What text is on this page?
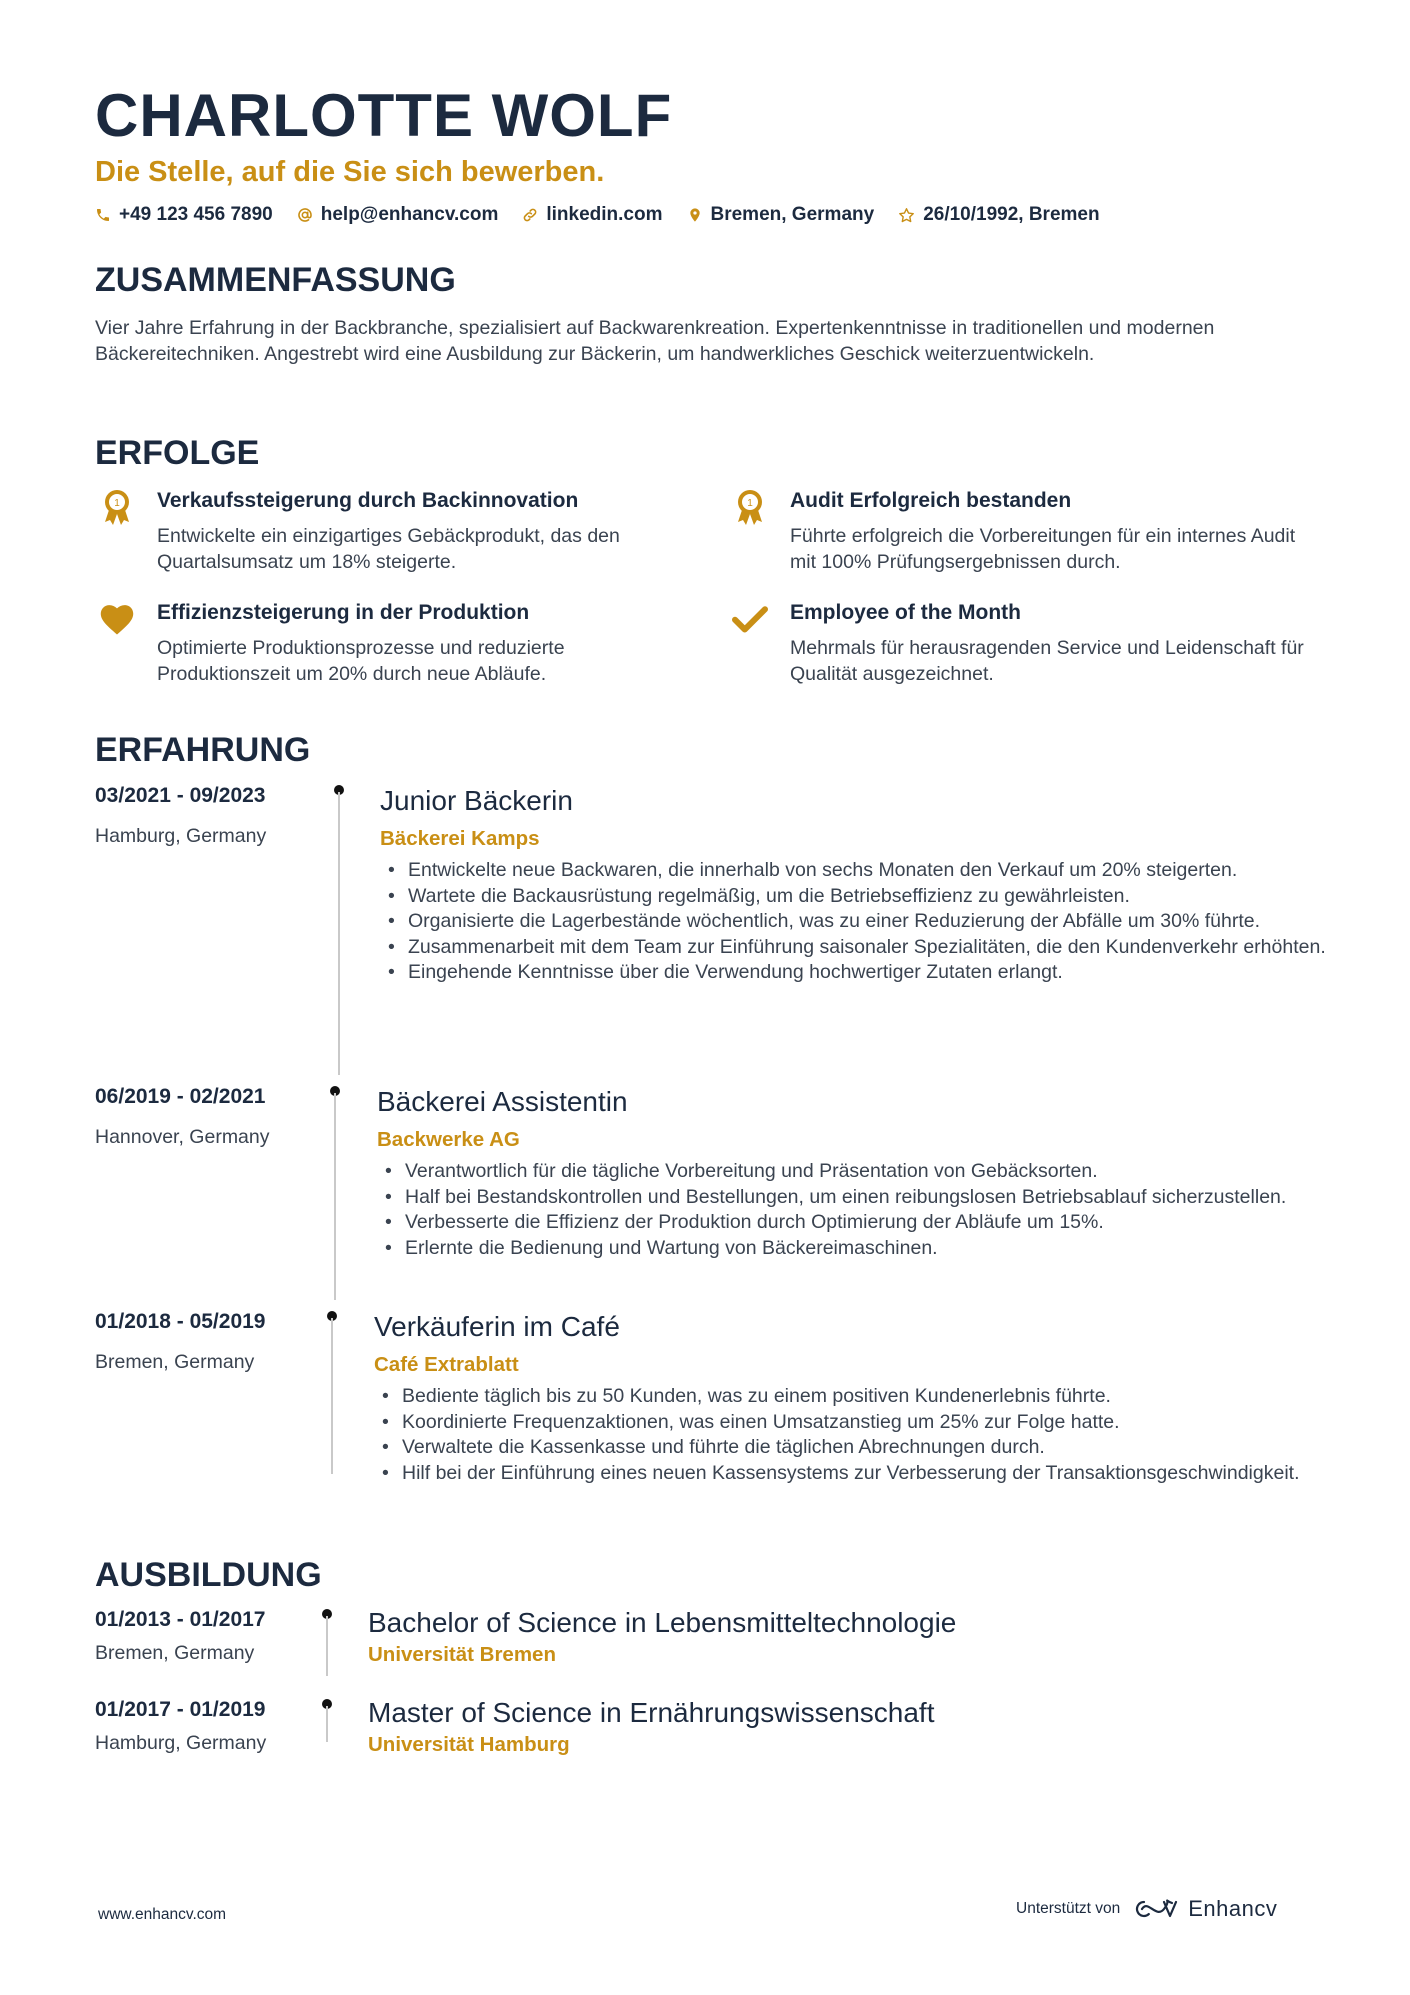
CHARLOTTE WOLF
Die Stelle, auf die Sie sich bewerben.
+49 123 456 7890	help@enhancv.com	linkedin.com	Bremen, Germany	26/10/1992, Bremen
ZUSAMMENFASSUNG
Vier Jahre Erfahrung in der Backbranche, spezialisiert auf Backwarenkreation. Expertenkenntnisse in traditionellen und modernen Bäckereitechniken. Angestrebt wird eine Ausbildung zur Bäckerin, um handwerkliches Geschick weiterzuentwickeln.
ERFOLGE
1 Verkaufssteigerung durch Backinnovation
Entwickelte ein einzigartiges Gebäckprodukt, das den Quartalsumsatz um 18% steigerte.
1 Audit Erfolgreich bestanden
Führte erfolgreich die Vorbereitungen für ein internes Audit mit 100% Prüfungsergebnissen durch.
Effizienzsteigerung in der Produktion
Optimierte Produktionsprozesse und reduzierte Produktionszeit um 20% durch neue Abläufe.
Employee of the Month
Mehrmals für herausragenden Service und Leidenschaft für Qualität ausgezeichnet.
ERFAHRUNG
03/2021 - 09/2023
Hamburg, Germany
Junior Bäckerin
Bäckerei Kamps
• Entwickelte neue Backwaren, die innerhalb von sechs Monaten den Verkauf um 20% steigerten.
• Wartete die Backausrüstung regelmäßig, um die Betriebseffizienz zu gewährleisten.
• Organisierte die Lagerbestände wöchentlich, was zu einer Reduzierung der Abfälle um 30% führte.
• Zusammenarbeit mit dem Team zur Einführung saisonaler Spezialitäten, die den Kundenverkehr erhöhten.
• Eingehende Kenntnisse über die Verwendung hochwertiger Zutaten erlangt.
06/2019 - 02/2021
Hannover, Germany
Bäckerei Assistentin
Backwerke AG
• Verantwortlich für die tägliche Vorbereitung und Präsentation von Gebäcksorten.
• Half bei Bestandskontrollen und Bestellungen, um einen reibungslosen Betriebsablauf sicherzustellen.
• Verbesserte die Effizienz der Produktion durch Optimierung der Abläufe um 15%.
• Erlernte die Bedienung und Wartung von Bäckereimaschinen.
01/2018 - 05/2019
Bremen, Germany
Verkäuferin im Café
Café Extrablatt
• Bediente täglich bis zu 50 Kunden, was zu einem positiven Kundenerlebnis führte.
• Koordinierte Frequenzaktionen, was einen Umsatzanstieg um 25% zur Folge hatte.
• Verwaltete die Kassenkasse und führte die täglichen Abrechnungen durch.
• Hilf bei der Einführung eines neuen Kassensystems zur Verbesserung der Transaktionsgeschwindigkeit.
AUSBILDUNG
01/2013 - 01/2017
Bremen, Germany
Bachelor of Science in Lebensmitteltechnologie
Universität Bremen
01/2017 - 01/2019
Hamburg, Germany
Master of Science in Ernährungswissenschaft
Universität Hamburg
www.enhancv.com	Unterstützt von	Enhancv
